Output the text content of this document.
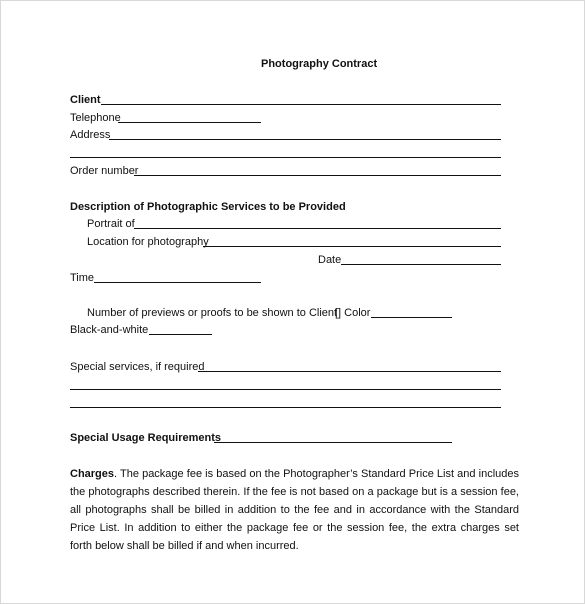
Photography Contract
Client
Telephone
Address
Order number
Description of Photographic Services to be Provided
Portrait of
Location for photography
Date
Time
Number of previews or proofs to be shown to Client
[] Color
Black-and-white
Special services, if required
Special Usage Requirements
Charges. The package fee is based on the Photographer’s Standard Price List and includes the photographs described therein. If the fee is not based on a package but is a session fee, all photographs shall be billed in addition to the fee and in accordance with the Standard Price List. In addition to either the package fee or the session fee, the extra charges set forth below shall be billed if and when incurred.
